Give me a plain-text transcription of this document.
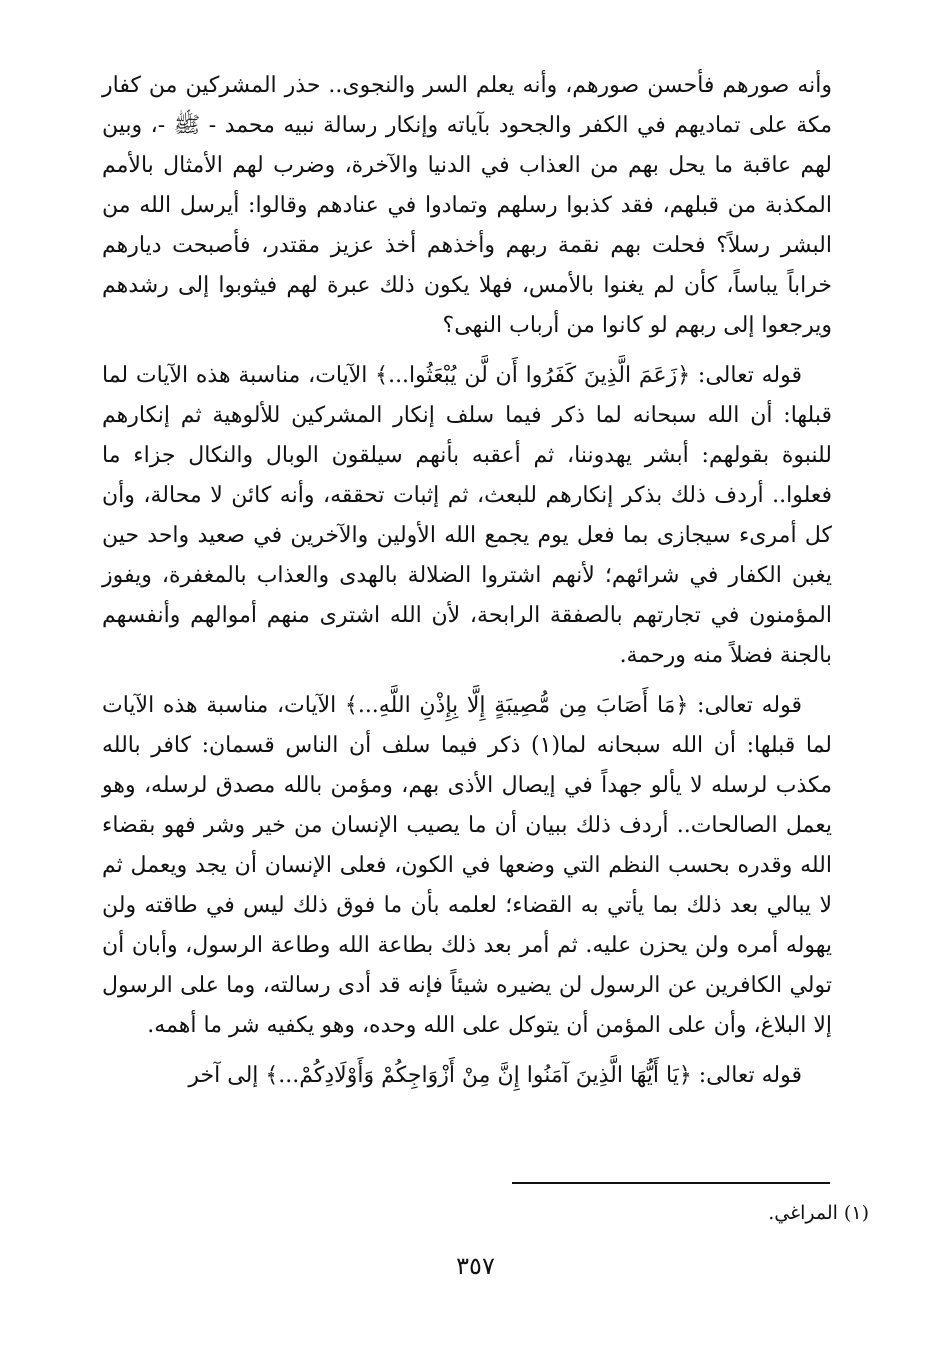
وأنه صورهم فأحسن صورهم، وأنه يعلم السر والنجوى.. حذر المشركين من كفار مكة على تماديهم في الكفر والجحود بآياته وإنكار رسالة نبيه محمد - ﷺ -، وبين لهم عاقبة ما يحل بهم من العذاب في الدنيا والآخرة، وضرب لهم الأمثال بالأمم المكذبة من قبلهم، فقد كذبوا رسلهم وتمادوا في عنادهم وقالوا: أيرسل الله من البشر رسلاً؟ فحلت بهم نقمة ربهم وأخذهم أخذ عزيز مقتدر، فأصبحت ديارهم خراباً يباساً، كأن لم يغنوا بالأمس، فهلا يكون ذلك عبرة لهم فيثوبوا إلى رشدهم ويرجعوا إلى ربهم لو كانوا من أرباب النهى؟

قوله تعالى: ﴿زَعَمَ الَّذِينَ كَفَرُوا أَن لَّن يُبْعَثُوا...﴾ الآيات، مناسبة هذه الآيات لما قبلها: أن الله سبحانه لما ذكر فيما سلف إنكار المشركين للألوهية ثم إنكارهم للنبوة بقولهم: أبشر يهدوننا، ثم أعقبه بأنهم سيلقون الوبال والنكال جزاء ما فعلوا.. أردف ذلك بذكر إنكارهم للبعث، ثم إثبات تحققه، وأنه كائن لا محالة، وأن كل أمرىء سيجازى بما فعل يوم يجمع الله الأولين والآخرين في صعيد واحد حين يغبن الكفار في شرائهم؛ لأنهم اشتروا الضلالة بالهدى والعذاب بالمغفرة، ويفوز المؤمنون في تجارتهم بالصفقة الرابحة، لأن الله اشترى منهم أموالهم وأنفسهم بالجنة فضلاً منه ورحمة.

قوله تعالى: ﴿مَا أَصَابَ مِن مُّصِيبَةٍ إِلَّا بِإِذْنِ اللَّهِ...﴾ الآيات، مناسبة هذه الآيات لما قبلها: أن الله سبحانه لما(١) ذكر فيما سلف أن الناس قسمان: كافر بالله مكذب لرسله لا يألو جهداً في إيصال الأذى بهم، ومؤمن بالله مصدق لرسله، وهو يعمل الصالحات.. أردف ذلك ببيان أن ما يصيب الإنسان من خير وشر فهو بقضاء الله وقدره بحسب النظم التي وضعها في الكون، فعلى الإنسان أن يجد ويعمل ثم لا يبالي بعد ذلك بما يأتي به القضاء؛ لعلمه بأن ما فوق ذلك ليس في طاقته ولن يهوله أمره ولن يحزن عليه. ثم أمر بعد ذلك بطاعة الله وطاعة الرسول، وأبان أن تولي الكافرين عن الرسول لن يضيره شيئاً فإنه قد أدى رسالته، وما على الرسول إلا البلاغ، وأن على المؤمن أن يتوكل على الله وحده، وهو يكفيه شر ما أهمه.

قوله تعالى: ﴿يَا أَيُّهَا الَّذِينَ آمَنُوا إِنَّ مِنْ أَزْوَاجِكُمْ وَأَوْلَادِكُمْ...﴾ إلى آخر

(١) المراغي.
٣٥٧
